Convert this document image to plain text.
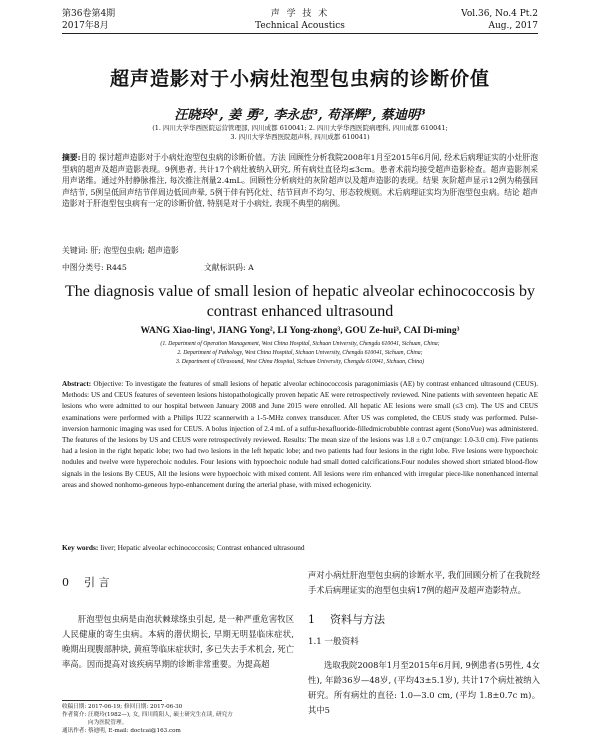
第36卷第4期
2017年8月
声 学 技 术
Technical Acoustics
Vol.36, No.4 Pt.2
Aug., 2017
超声造影对于小病灶泡型包虫病的诊断价值
汪晓玲¹, 姜 勇², 李永忠³, 苟泽辉³, 蔡迪明³
(1. 四川大学华西医院运营管理部, 四川成都 610041; 2. 四川大学华西医院病理科, 四川成都 610041;
3. 四川大学华西医院超声科, 四川成都 610041)
摘要:目的 探讨超声造影对于小病灶泡型包虫病的诊断价值。方法 回顾性分析我院2008年1月至2015年6月间, 经术后病理证实的小灶肝泡型病的超声及超声造影表现。9例患者, 共计17个病灶被纳入研究, 所有病灶直径均≤3cm。患者术前均接受超声造影检查。超声造影剂采用声诺维。通过外肘静脉推注, 每次推注剂量2.4mL。回顾性分析病灶的灰阶超声以及超声造影的表现。结果 灰阶超声显示12例为稍强回声结节, 5例呈低回声结节伴周边低回声晕, 5例于伴有钙化灶、结节回声不均匀、形态较规则。术后病理证实均为肝泡型包虫病。结论 超声造影对于肝泡型包虫病有一定的诊断价值, 特别是对于小病灶, 表现不典型的病例。
关键词: 肝; 泡型包虫病; 超声造影
中图分类号: R445	文献标识码: A
The diagnosis value of small lesion of hepatic alveolar echinococcosis by contrast enhanced ultrasound
WANG Xiao-ling¹, JIANG Yong², LI Yong-zhong³, GOU Ze-hui³, CAI Di-ming³
(1. Department of Operation Management, West China Hospital, Sichuan University, Chengdu 610041, Sichuan, China;
2. Department of Pathology, West China Hospital, Sichuan University, Chengdu 610041, Sichuan, China;
3. Department of Ultrasound, West China Hospital, Sichuan University, Chengdu 610041, Sichuan, China)
Abstract: Objective: To investigate the features of small lesions of hepatic alveolar echinococcosis paragonimiasis (AE) by contrast enhanced ultrasound (CEUS). Methods: US and CEUS features of seventeen lesions histopathologically proven hepatic AE were retrospectively reviewed. Nine patients with seventeen hepatic AE lesions who were admitted to our hospital between January 2008 and June 2015 were enrolled. All hepatic AE lesions were small (≤3 cm). The US and CEUS examinations were performed with a Philips IU22 scannerwith a 1-5-MHz convex transducer. After US was completed, the CEUS study was performed. Pulse-inversion harmonic imaging was used for CEUS. A bolus injection of 2.4 mL of a sulfur-hexafluoride-filledmicrobubble contrast agent (SonoVue) was administered. The features of the lesions by US and CEUS were retrospectively reviewed. Results: The mean size of the lesions was 1.8 ± 0.7 cm(range: 1.0-3.0 cm). Five patients had a lesion in the right hepatic lobe; two had two lesions in the left hepatic lobe; and two patients had four lesions in the right lobe. Five lesions were hypoechoic nodules and twelve were hyperechoic nodules. Four lesions with hypoechoic nodule had small dotted calcifications.Four nodules showed short striated blood-flow signals in the lesions By CEUS, All the lesions were hypoechoic with mixed content. All lesions were rim enhanced with irregular piece-like nonenhanced internal areas and showed nonhomo-geneous hypo-enhancement during the arterial phase, with mixed echogenicity.
Key words: liver; Hepatic alveolar echinococcosis; Contrast enhanced ultrasound
0 引 言

肝泡型包虫病是由泡状棘球绦虫引起, 是一种严重危害牧区人民健康的寄生虫病。本病的潜伏期长, 早期无明显临床症状, 晚期出现腹部肿块, 黄疸等临床症状时, 多已失去手术机会, 死亡率高。因而提高对该疾病早期的诊断非常重要。为提高超

声对小病灶肝泡型包虫病的诊断水平, 我们回顾分析了在我院经手术后病理证实的泡型包虫病17例的超声及超声造影特点。

1 资料与方法
1.1 一般资料

选取我院2008年1月至2015年6月间, 9例患者(5男性, 4女性), 年龄36岁—48岁, (平均43±5.1岁), 共计17个病灶被纳入研究。所有病灶的直径: 1.0—3.0 cm, (平均 1.8±0.7c m)。其中5

收稿日期: 2017-06-19; 修回日期: 2017-06-30
作者简介: 汪晓玲(1982—), 女, 四川简阳人, 硕士研究生在读, 研究方
向为医院管理。
通讯作者: 蔡迪明, E-mail: doctcai@163.com
